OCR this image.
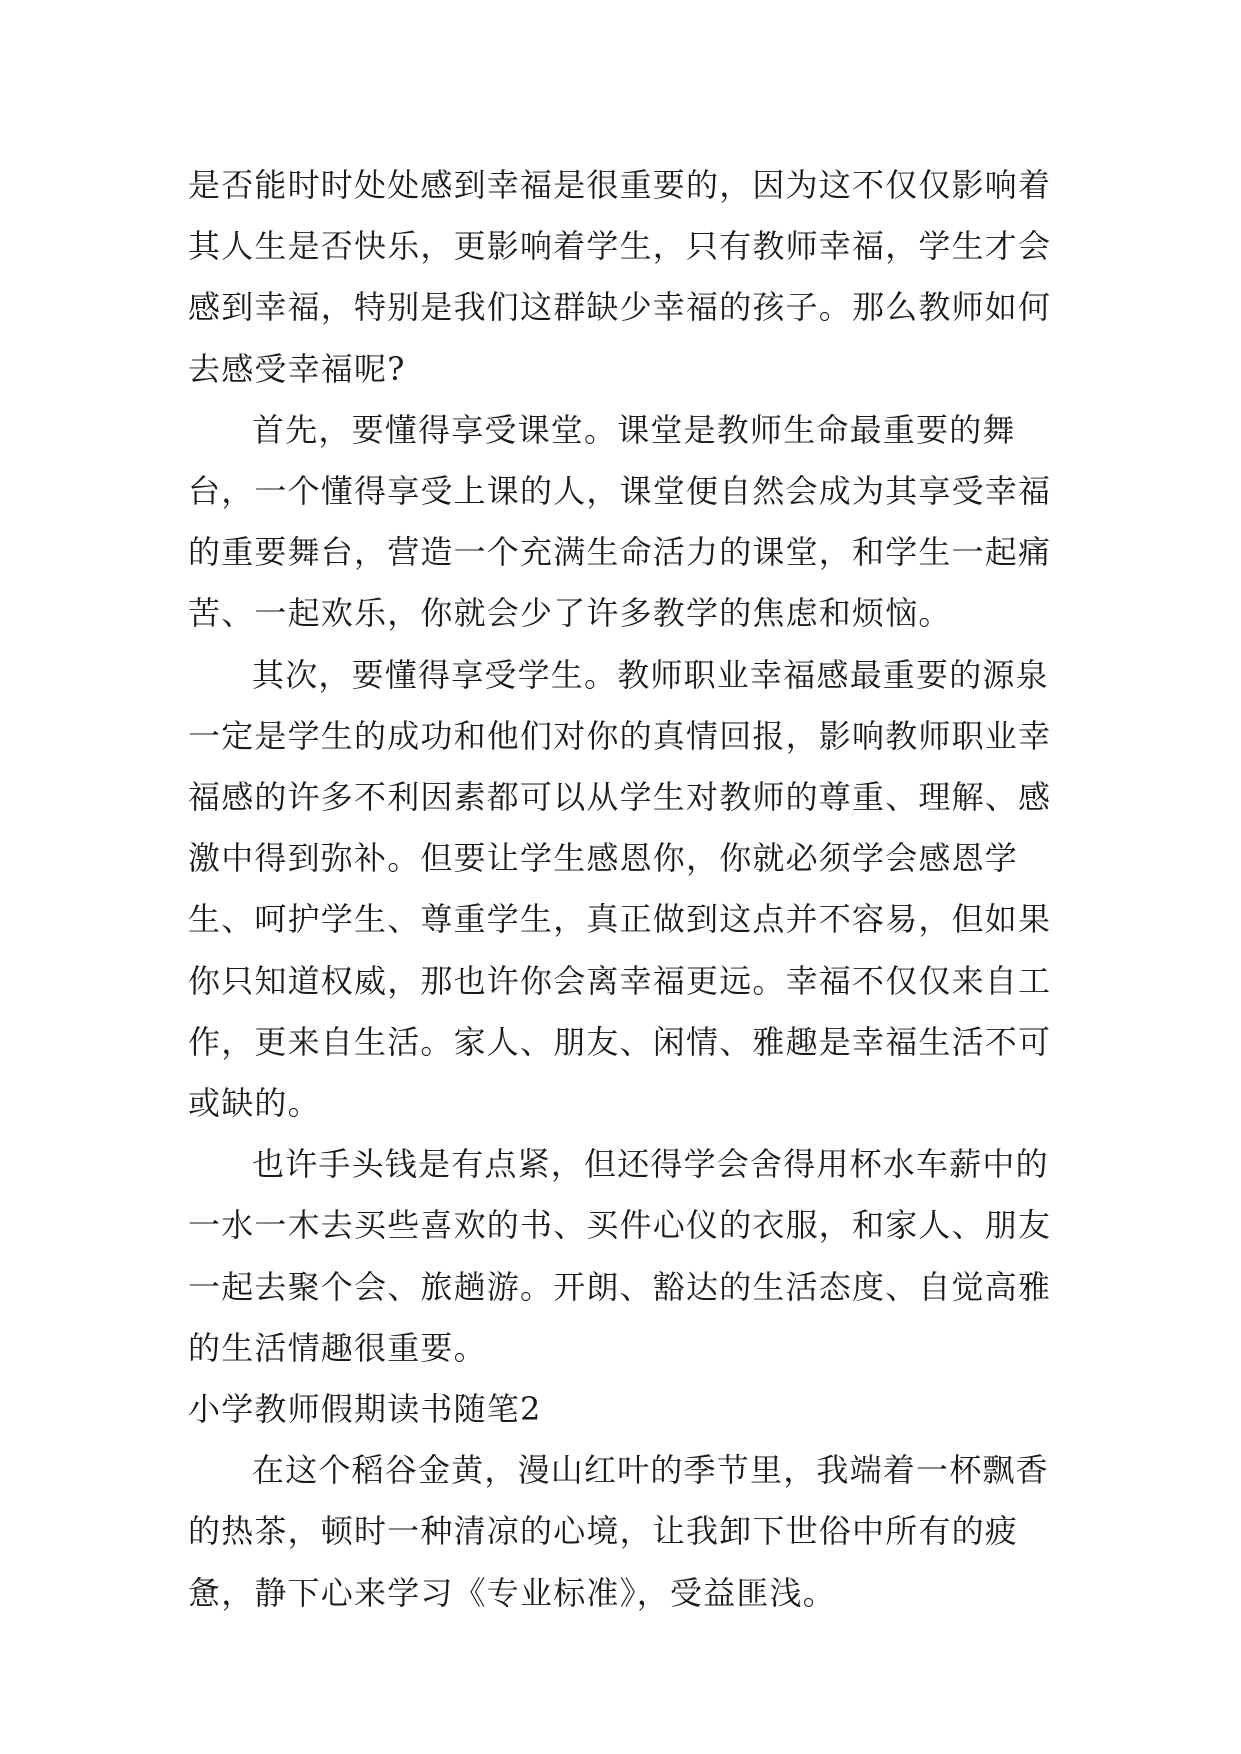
是否能时时处处感到幸福是很重要的，因为这不仅仅影响着其人生是否快乐，更影响着学生，只有教师幸福，学生才会感到幸福，特别是我们这群缺少幸福的孩子。那么教师如何去感受幸福呢?

首先，要懂得享受课堂。课堂是教师生命最重要的舞台，一个懂得享受上课的人，课堂便自然会成为其享受幸福的重要舞台，营造一个充满生命活力的课堂，和学生一起痛苦、一起欢乐，你就会少了许多教学的焦虑和烦恼。

其次，要懂得享受学生。教师职业幸福感最重要的源泉一定是学生的成功和他们对你的真情回报，影响教师职业幸福感的许多不利因素都可以从学生对教师的尊重、理解、感激中得到弥补。但要让学生感恩你，你就必须学会感恩学生、呵护学生、尊重学生，真正做到这点并不容易，但如果你只知道权威，那也许你会离幸福更远。幸福不仅仅来自工作，更来自生活。家人、朋友、闲情、雅趣是幸福生活不可或缺的。

也许手头钱是有点紧，但还得学会舍得用杯水车薪中的一水一木去买些喜欢的书、买件心仪的衣服，和家人、朋友一起去聚个会、旅趟游。开朗、豁达的生活态度、自觉高雅的生活情趣很重要。

小学教师假期读书随笔2

在这个稻谷金黄，漫山红叶的季节里，我端着一杯飘香的热茶，顿时一种清凉的心境，让我卸下世俗中所有的疲惫，静下心来学习《专业标准》，受益匪浅。
